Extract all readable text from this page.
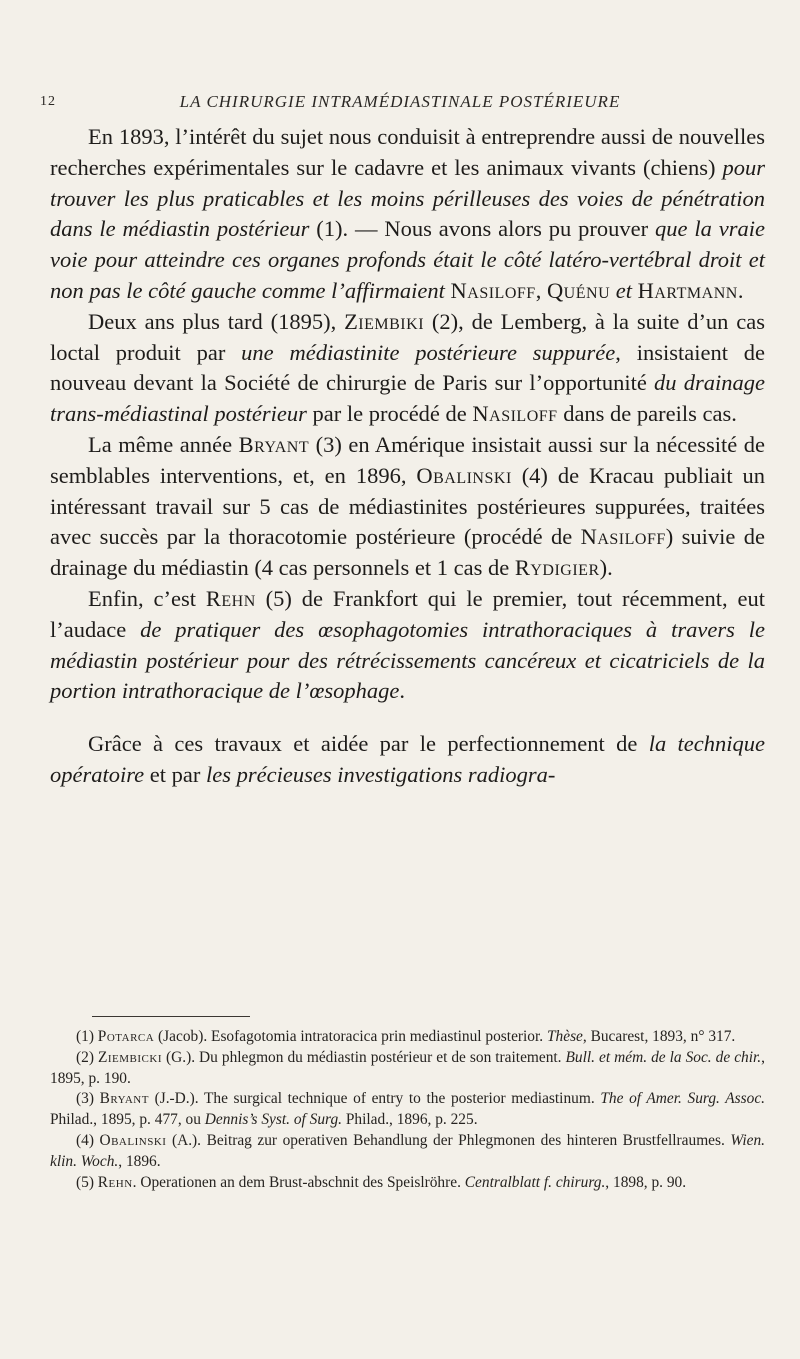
12	LA CHIRURGIE INTRAMÉDIASTINALE POSTÉRIEURE

En 1893, l’intérêt du sujet nous conduisit à entreprendre aussi de nouvelles recherches expérimentales sur le cadavre et les animaux vivants (chiens) pour trouver les plus praticables et les moins périlleuses des voies de pénétration dans le médiastin postérieur (1). — Nous avons alors pu prouver que la vraie voie pour atteindre ces organes profonds était le côté latéro-vertébral droit et non pas le côté gauche comme l’affirmaient Nasiloff, Quénu et Hartmann.

Deux ans plus tard (1895), Ziembiki (2), de Lemberg, à la suite d’un cas loctal produit par une médiastinite postérieure suppurée, insistaient de nouveau devant la Société de chirurgie de Paris sur l’opportunité du drainage trans-médiastinal postérieur par le procédé de Nasiloff dans de pareils cas.

La même année Bryant (3) en Amérique insistait aussi sur la nécessité de semblables interventions, et, en 1896, Obalinski (4) de Kracau publiait un intéressant travail sur 5 cas de médiastinites postérieures suppurées, traitées avec succès par la thoracotomie postérieure (procédé de Nasiloff) suivie de drainage du médiastin (4 cas personnels et 1 cas de Rydigier).

Enfin, c’est Rehn (5) de Frankfort qui le premier, tout récemment, eut l’audace de pratiquer des œsophagotomies intrathoraciques à travers le médiastin postérieur pour des rétrécissements cancéreux et cicatriciels de la portion intrathoracique de l’œsophage.

Grâce à ces travaux et aidée par le perfectionnement de la technique opératoire et par les précieuses investigations radiogra-

(1) Potarca (Jacob). Esofagotomia intratoracica prin mediastinul posterior. Thèse, Bucarest, 1893, n° 317.

(2) Ziembicki (G.). Du phlegmon du médiastin postérieur et de son traitement. Bull. et mém. de la Soc. de chir., 1895, p. 190.

(3) Bryant (J.-D.). The surgical technique of entry to the posterior mediastinum. The of Amer. Surg. Assoc. Philad., 1895, p. 477, ou Dennis’s Syst. of Surg. Philad., 1896, p. 225.

(4) Obalinski (A.). Beitrag zur operativen Behandlung der Phlegmonen des hinteren Brustfellraumes. Wien. klin. Woch., 1896.

(5) Rehn. Operationen an dem Brust-abschnit des Speislröhre. Centralblatt f. chirurg., 1898, p. 90.
